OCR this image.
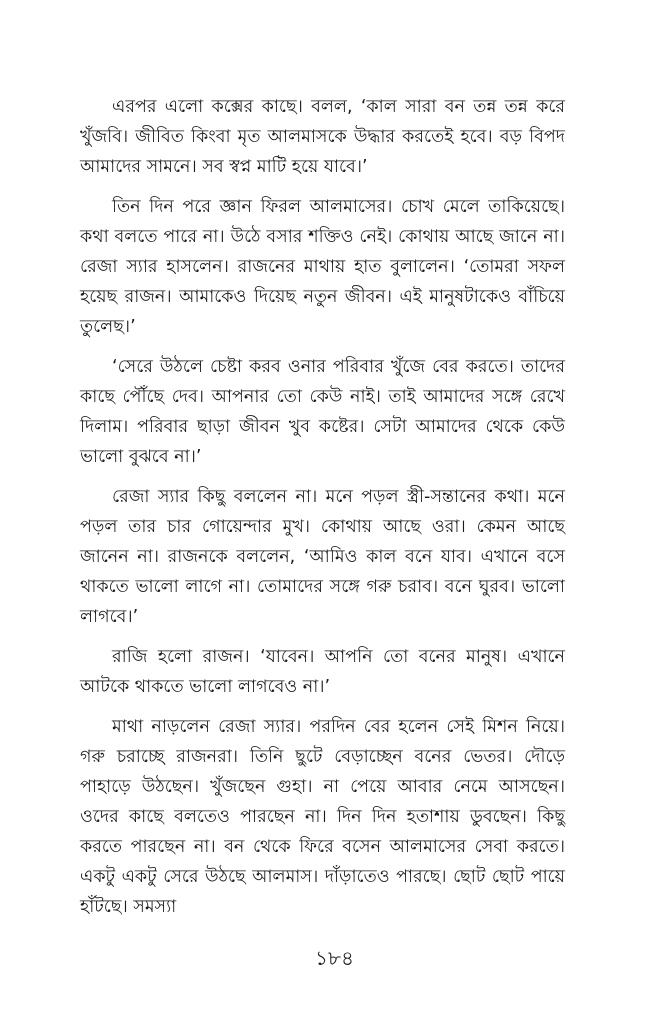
এরপর এলো কক্সের কাছে। বলল, ‘কাল সারা বন তন্ন তন্ন করে খুঁজবি। জীবিত কিংবা মৃত আলমাসকে উদ্ধার করতেই হবে। বড় বিপদ আমাদের সামনে। সব স্বপ্ন মাটি হয়ে যাবে।’

তিন দিন পরে জ্ঞান ফিরল আলমাসের। চোখ মেলে তাকিয়েছে। কথা বলতে পারে না। উঠে বসার শক্তিও নেই। কোথায় আছে জানে না। রেজা স্যার হাসলেন। রাজনের মাথায় হাত বুলালেন। ‘তোমরা সফল হয়েছ রাজন। আমাকেও দিয়েছ নতুন জীবন। এই মানুষটাকেও বাঁচিয়ে তুলেছ।’

‘সেরে উঠলে চেষ্টা করব ওনার পরিবার খুঁজে বের করতে। তাদের কাছে পৌঁছে দেব। আপনার তো কেউ নাই। তাই আমাদের সঙ্গে রেখে দিলাম। পরিবার ছাড়া জীবন খুব কষ্টের। সেটা আমাদের থেকে কেউ ভালো বুঝবে না।’

রেজা স্যার কিছু বললেন না। মনে পড়ল স্ত্রী-সন্তানের কথা। মনে পড়ল তার চার গোয়েন্দার মুখ। কোথায় আছে ওরা। কেমন আছে জানেন না। রাজনকে বললেন, ‘আমিও কাল বনে যাব। এখানে বসে থাকতে ভালো লাগে না। তোমাদের সঙ্গে গরু চরাব। বনে ঘুরব। ভালো লাগবে।’

রাজি হলো রাজন। ‘যাবেন। আপনি তো বনের মানুষ। এখানে আটকে থাকতে ভালো লাগবেও না।’

মাথা নাড়লেন রেজা স্যার। পরদিন বের হলেন সেই মিশন নিয়ে। গরু চরাচ্ছে রাজনরা। তিনি ছুটে বেড়াচ্ছেন বনের ভেতর। দৌড়ে পাহাড়ে উঠছেন। খুঁজছেন গুহা। না পেয়ে আবার নেমে আসছেন। ওদের কাছে বলতেও পারছেন না। দিন দিন হতাশায় ডুবছেন। কিছু করতে পারছেন না। বন থেকে ফিরে বসেন আলমাসের সেবা করতে। একটু একটু সেরে উঠছে আলমাস। দাঁড়াতেও পারছে। ছোট ছোট পায়ে হাঁটছে। সমস্যা

১৮৪
